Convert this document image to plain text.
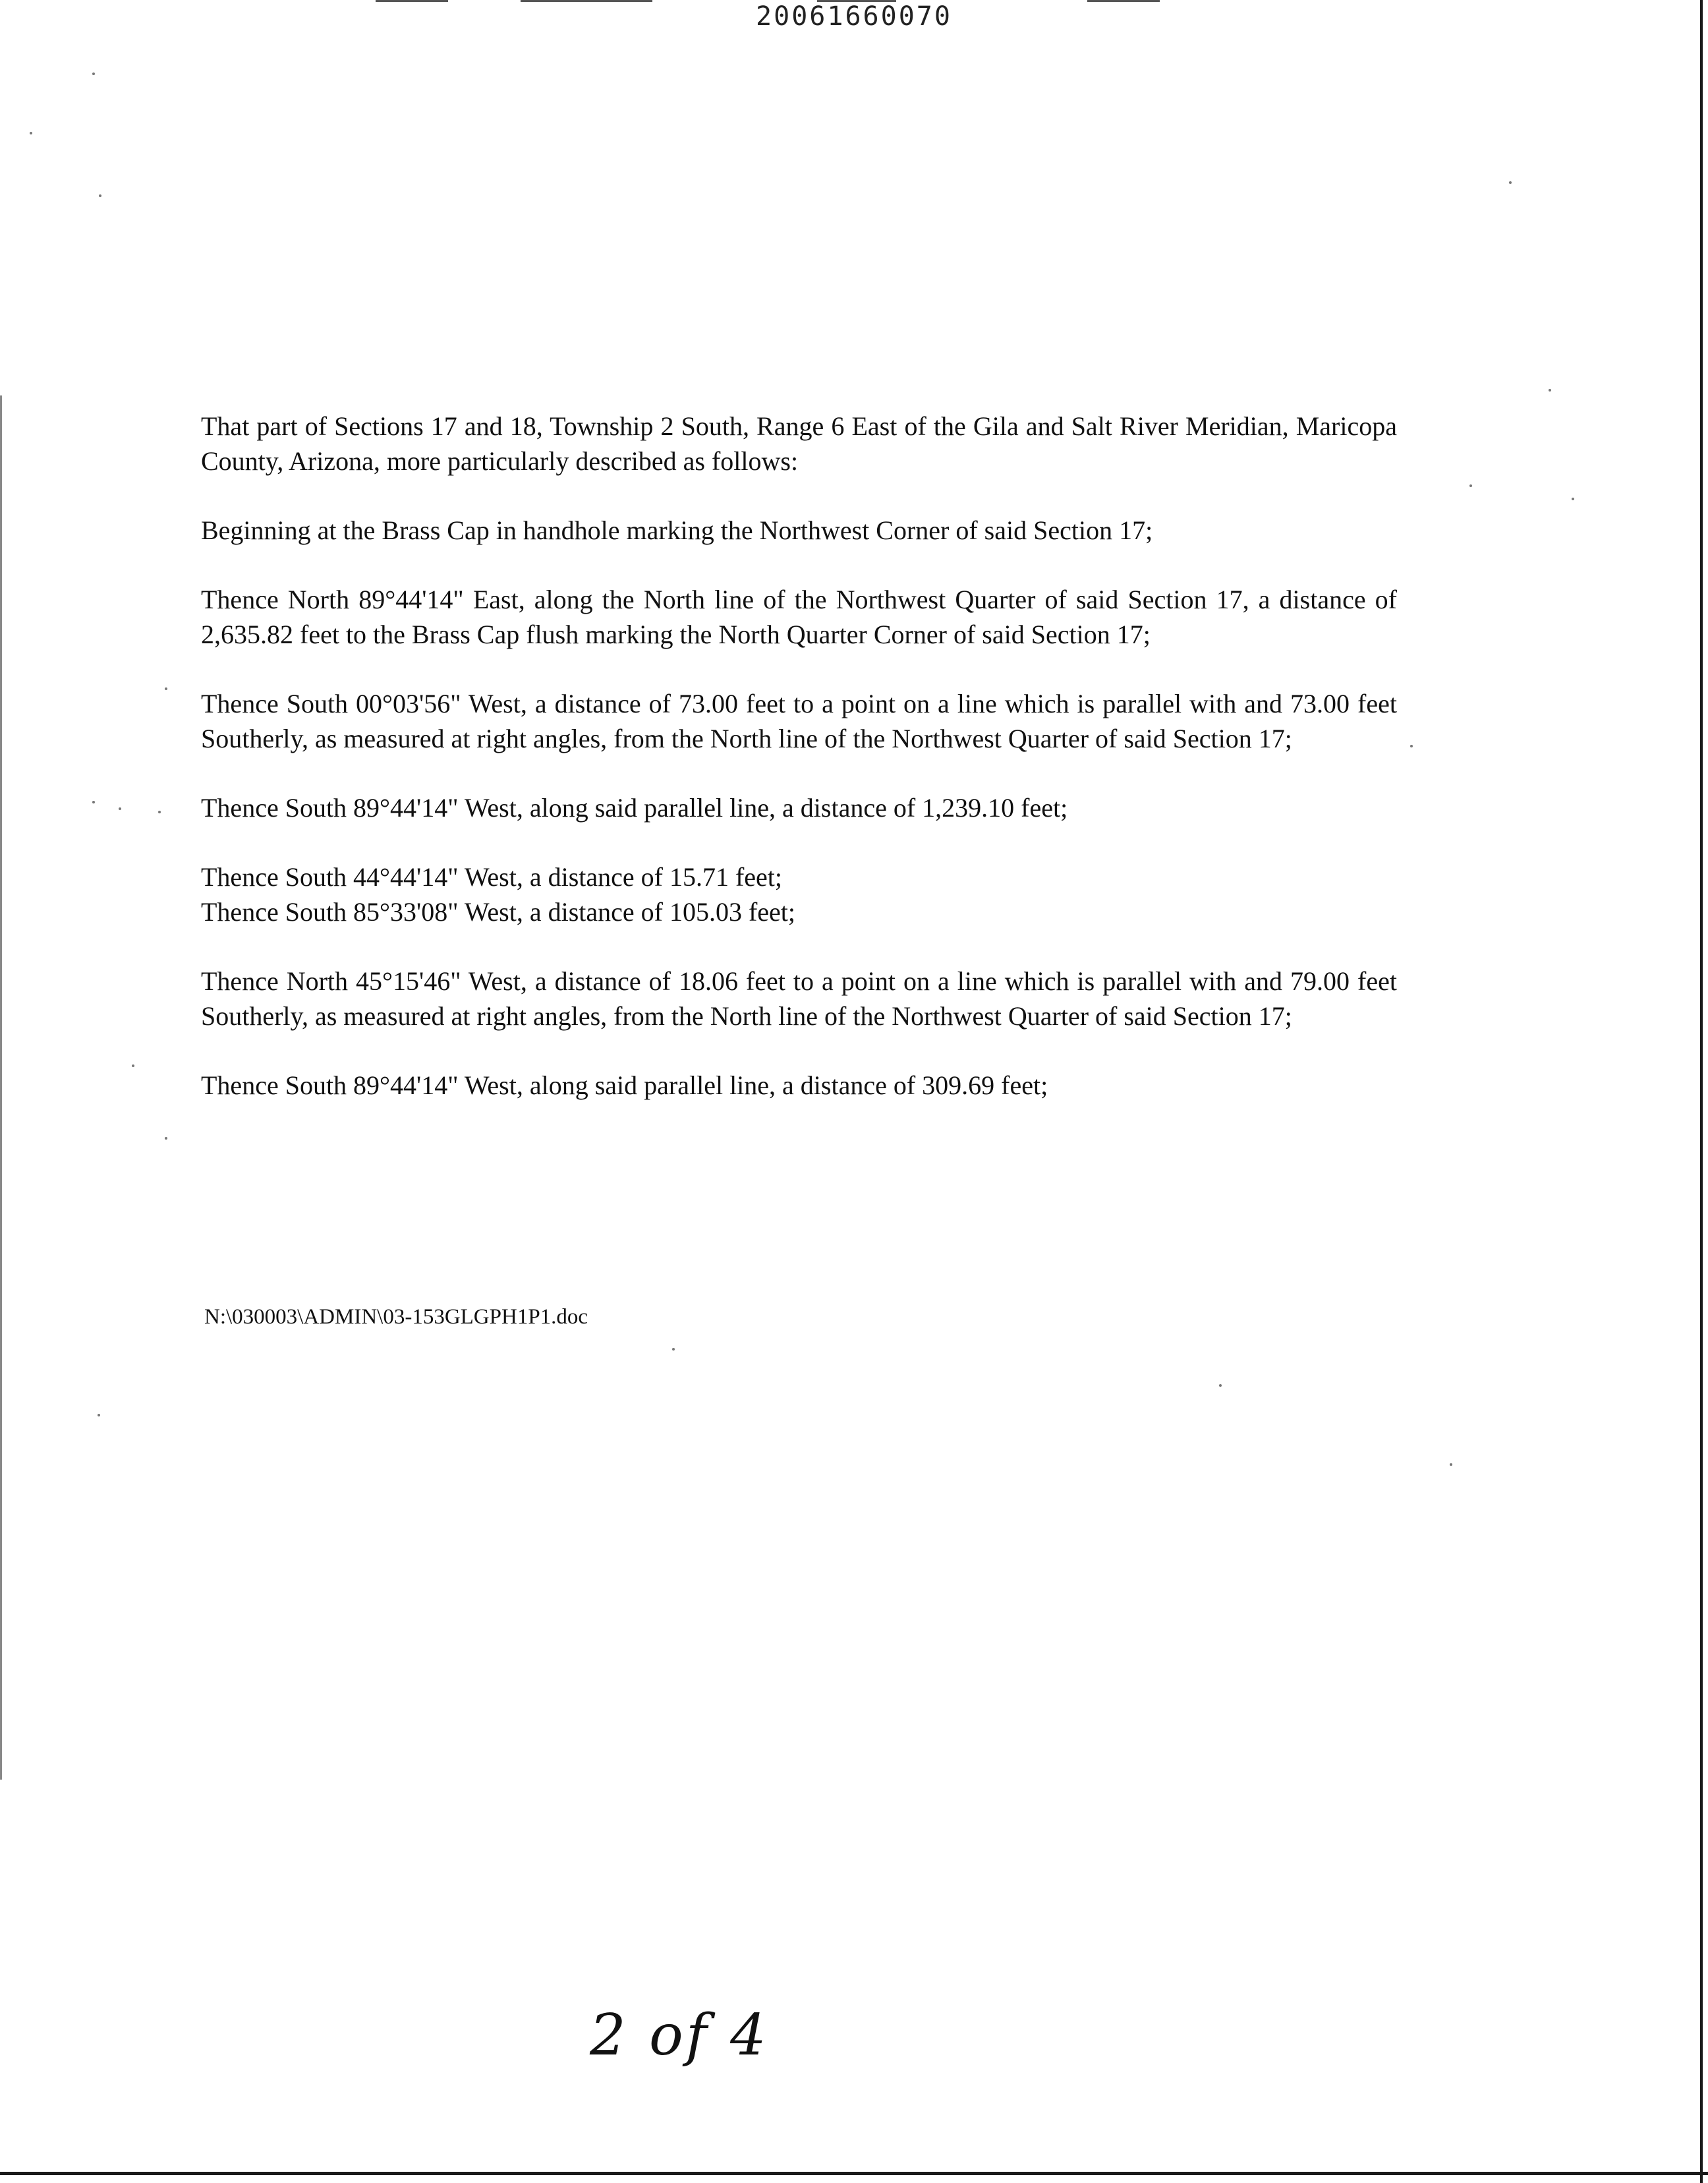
20061660070

That part of Sections 17 and 18, Township 2 South, Range 6 East of the Gila and Salt River Meridian, Maricopa County, Arizona, more particularly described as follows:

Beginning at the Brass Cap in handhole marking the Northwest Corner of said Section 17;

Thence North 89°44'14" East, along the North line of the Northwest Quarter of said Section 17, a distance of 2,635.82 feet to the Brass Cap flush marking the North Quarter Corner of said Section 17;

Thence South 00°03'56" West, a distance of 73.00 feet to a point on a line which is parallel with and 73.00 feet Southerly, as measured at right angles, from the North line of the Northwest Quarter of said Section 17;

Thence South 89°44'14" West, along said parallel line, a distance of 1,239.10 feet;

Thence South 44°44'14" West, a distance of 15.71 feet;

Thence South 85°33'08" West, a distance of 105.03 feet;

Thence North 45°15'46" West, a distance of 18.06 feet to a point on a line which is parallel with and 79.00 feet Southerly, as measured at right angles, from the North line of the Northwest Quarter of said Section 17;

Thence South 89°44'14" West, along said parallel line, a distance of 309.69 feet;

N:\030003\ADMIN\03-153GLGPH1P1.doc
2 of 4
